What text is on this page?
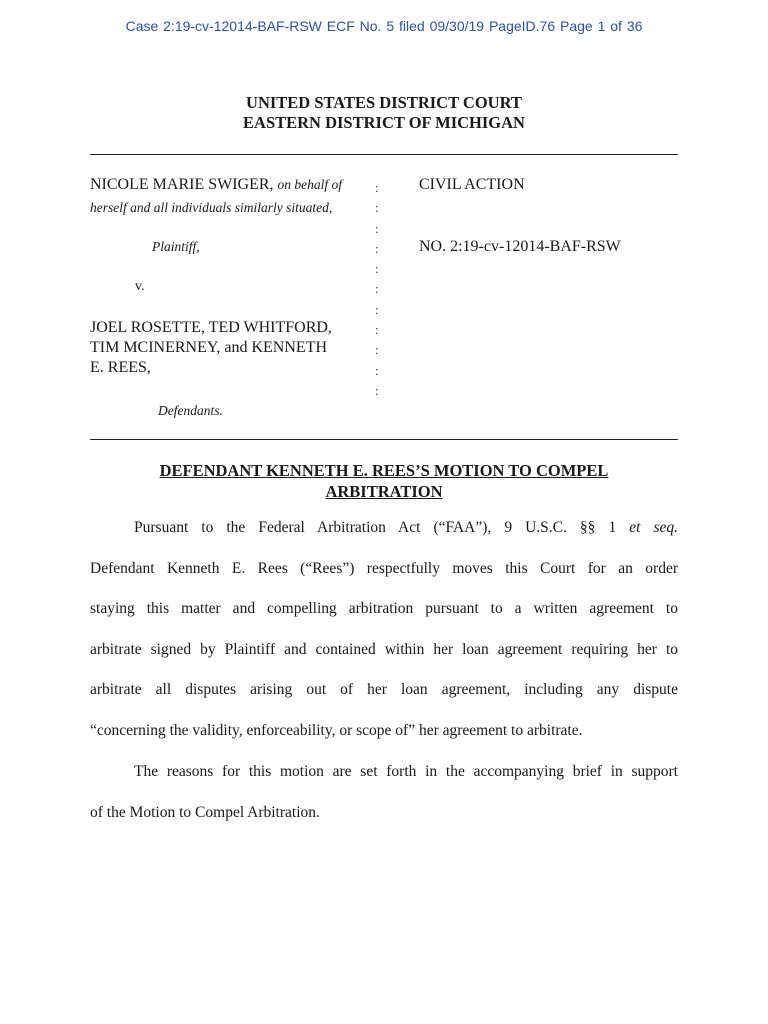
Case 2:19-cv-12014-BAF-RSW ECF No. 5 filed 09/30/19 PageID.76 Page 1 of 36
UNITED STATES DISTRICT COURT
EASTERN DISTRICT OF MICHIGAN
NICOLE MARIE SWIGER, on behalf of
herself and all individuals similarly situated,
Plaintiff,
v.
JOEL ROSETTE, TED WHITFORD,
TIM MCINERNEY, and KENNETH
E. REES,
Defendants.
:
:
:
:
:
:
:
:
:
:
:
CIVIL ACTION
NO. 2:19-cv-12014-BAF-RSW
DEFENDANT KENNETH E. REES’S MOTION TO COMPEL
ARBITRATION
Pursuant to the Federal Arbitration Act (“FAA”), 9 U.S.C. §§ 1 et seq.
Defendant Kenneth E. Rees (“Rees”) respectfully moves this Court for an order
staying this matter and compelling arbitration pursuant to a written agreement to
arbitrate signed by Plaintiff and contained within her loan agreement requiring her to
arbitrate all disputes arising out of her loan agreement, including any dispute
“concerning the validity, enforceability, or scope of” her agreement to arbitrate.
The reasons for this motion are set forth in the accompanying brief in support
of the Motion to Compel Arbitration.
